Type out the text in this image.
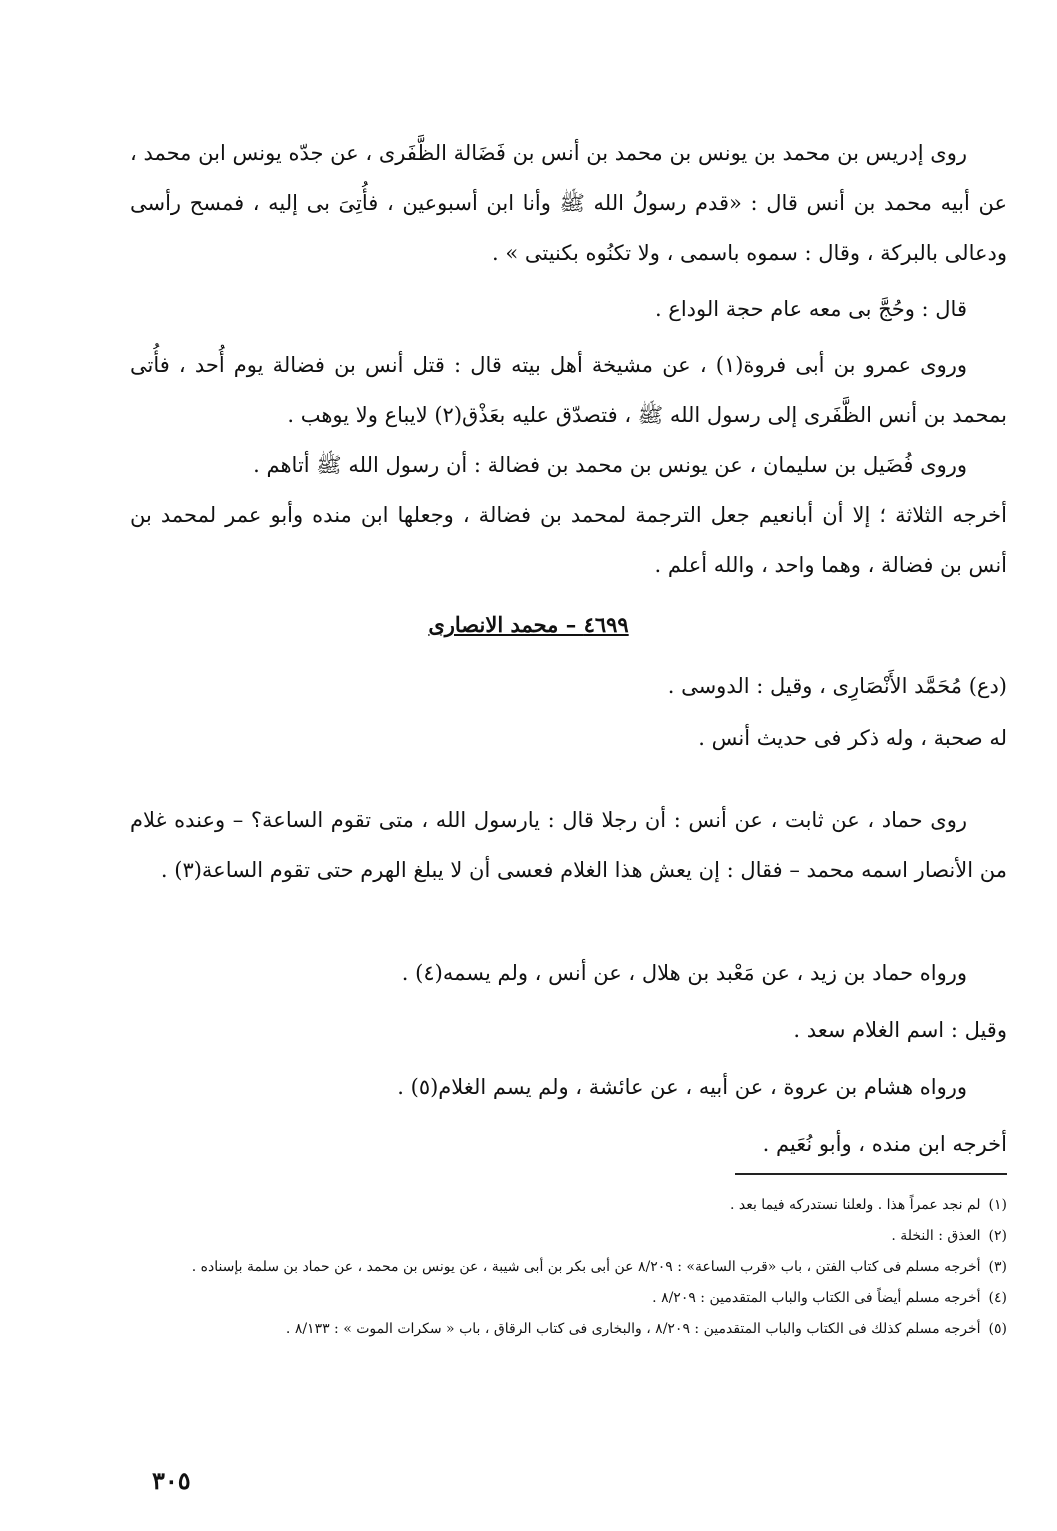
روى إدريس بن محمد بن يونس بن محمد بن أنس بن فَضَالة الظَّفَرى ، عن جدّه يونس ابن محمد ، عن أبيه محمد بن أنس قال : «قدم رسولُ الله ﷺ وأنا ابن أسبوعين ، فأُتِىَ بى إليه ، فمسح رأسى ودعالى بالبركة ، وقال : سموه باسمى ، ولا تكنُوه بكنيتى » .

قال : وحُجَّ بى معه عام حجة الوداع .

وروى عمرو بن أبى فروة(١) ، عن مشيخة أهل بيته قال : قتل أنس بن فضالة يوم أُحد ، فأُتى بمحمد بن أنس الظَّفَرى إلى رسول الله ﷺ ، فتصدّق عليه بعَذْق(٢) لايباع ولا يوهب .

وروى فُضَيل بن سليمان ، عن يونس بن محمد بن فضالة : أن رسول الله ﷺ أتاهم .

أخرجه الثلاثة ؛ إلا أن أبانعيم جعل الترجمة لمحمد بن فضالة ، وجعلها ابن منده وأبو عمر لمحمد بن أنس بن فضالة ، وهما واحد ، والله أعلم .

٤٦٩٩ – محمد الانصارى

(دع) مُحَمَّد الأَنْصَارِى ، وقيل : الدوسى .

له صحبة ، وله ذكر فى حديث أنس .

روى حماد ، عن ثابت ، عن أنس : أن رجلا قال : يارسول الله ، متى تقوم الساعة؟ – وعنده غلام من الأنصار اسمه محمد – فقال : إن يعش هذا الغلام فعسى أن لا يبلغ الهرم حتى تقوم الساعة(٣) .

ورواه حماد بن زيد ، عن مَعْبد بن هلال ، عن أنس ، ولم يسمه(٤) .

وقيل : اسم الغلام سعد .

ورواه هشام بن عروة ، عن أبيه ، عن عائشة ، ولم يسم الغلام(٥) .

أخرجه ابن منده ، وأبو نُعَيم .

(١)لم نجد عمراً هذا . ولعلنا نستدركه فيما بعد .

(٢)العذق : النخلة .

(٣)أخرجه مسلم فى كتاب الفتن ، باب «قرب الساعة» : ٨/٢٠٩ عن أبى بكر بن أبى شيبة ، عن يونس بن محمد ، عن حماد بن سلمة بإسناده .

(٤)أخرجه مسلم أيضاً فى الكتاب والباب المتقدمين : ٨/٢٠٩ .

(٥)أخرجه مسلم كذلك فى الكتاب والباب المتقدمين : ٨/٢٠٩ ، والبخارى فى كتاب الرقاق ، باب « سكرات الموت » : ٨/١٣٣ .

٣٠٥
